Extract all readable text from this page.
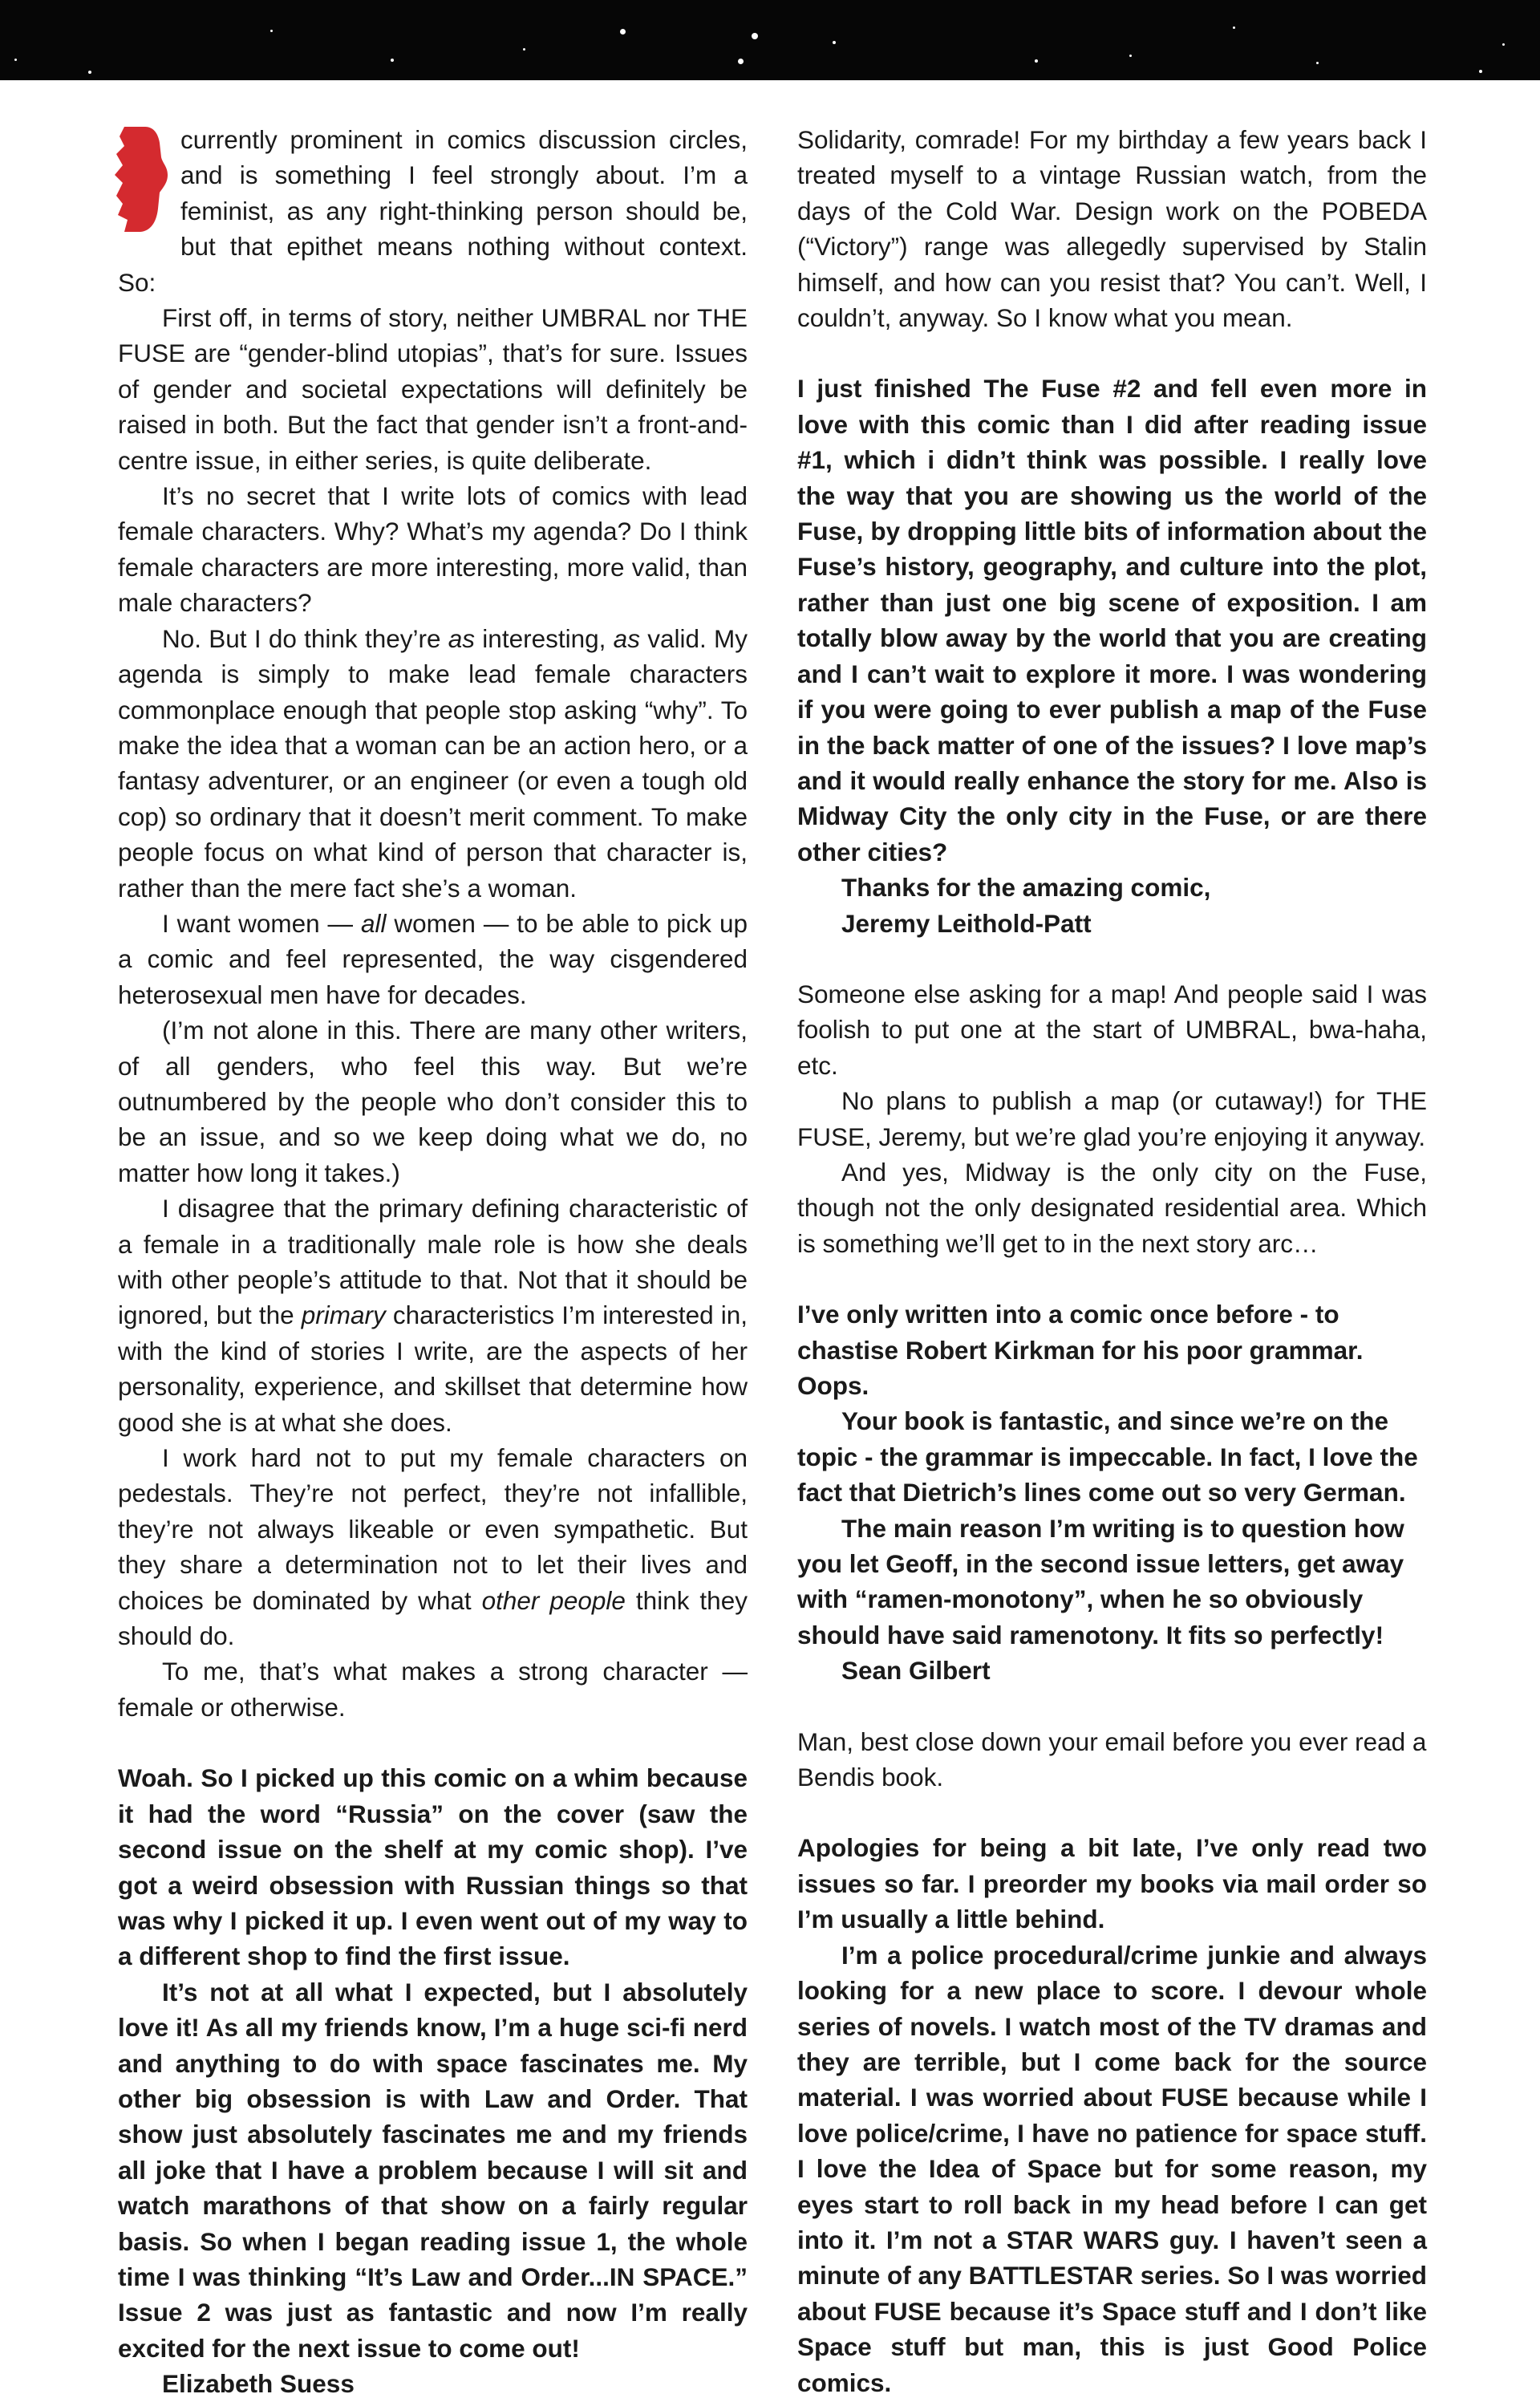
currently prominent in comics discussion circles, and is something I feel strongly about. I’m a feminist, as any right-thinking person should be, but that epithet means nothing without context. So:

First off, in terms of story, neither UMBRAL nor THE FUSE are “gender-blind utopias”, that’s for sure. Issues of gender and societal expectations will definitely be raised in both. But the fact that gender isn’t a front-and-centre issue, in either series, is quite deliberate.

It’s no secret that I write lots of comics with lead female characters. Why? What’s my agenda? Do I think female characters are more interesting, more valid, than male characters?

No. But I do think they’re as interesting, as valid. My agenda is simply to make lead female characters commonplace enough that people stop asking “why”. To make the idea that a woman can be an action hero, or a fantasy adventurer, or an engineer (or even a tough old cop) so ordinary that it doesn’t merit comment. To make people focus on what kind of person that character is, rather than the mere fact she’s a woman.

I want women — all women — to be able to pick up a comic and feel represented, the way cisgendered heterosexual men have for decades.

(I’m not alone in this. There are many other writers, of all genders, who feel this way. But we’re outnumbered by the people who don’t consider this to be an issue, and so we keep doing what we do, no matter how long it takes.)

I disagree that the primary defining characteristic of a female in a traditionally male role is how she deals with other people’s attitude to that. Not that it should be ignored, but the primary characteristics I’m interested in, with the kind of stories I write, are the aspects of her personality, experience, and skillset that determine how good she is at what she does.

I work hard not to put my female characters on pedestals. They’re not perfect, they’re not infallible, they’re not always likeable or even sympathetic. But they share a determination not to let their lives and choices be dominated by what other people think they should do.

To me, that’s what makes a strong character — female or otherwise.

Woah. So I picked up this comic on a whim because it had the word “Russia” on the cover (saw the second issue on the shelf at my comic shop). I’ve got a weird obsession with Russian things so that was why I picked it up. I even went out of my way to a different shop to find the first issue.

It’s not at all what I expected, but I absolutely love it! As all my friends know, I’m a huge sci-fi nerd and anything to do with space fascinates me. My other big obsession is with Law and Order. That show just absolutely fascinates me and my friends all joke that I have a problem because I will sit and watch marathons of that show on a fairly regular basis. So when I began reading issue 1, the whole time I was thinking “It’s Law and Order...IN SPACE.” Issue 2 was just as fantastic and now I’m really excited for the next issue to come out!

Elizabeth Suess

Solidarity, comrade! For my birthday a few years back I treated myself to a vintage Russian watch, from the days of the Cold War. Design work on the POBEDA (“Victory”) range was allegedly supervised by Stalin himself, and how can you resist that? You can’t. Well, I couldn’t, anyway. So I know what you mean.

I just finished The Fuse #2 and fell even more in love with this comic than I did after reading issue #1, which i didn’t think was possible. I really love the way that you are showing us the world of the Fuse, by dropping little bits of information about the Fuse’s history, geography, and culture into the plot, rather than just one big scene of exposition. I am totally blow away by the world that you are creating and I can’t wait to explore it more. I was wondering if you were going to ever publish a map of the Fuse in the back matter of one of the issues? I love map’s and it would really enhance the story for me. Also is Midway City the only city in the Fuse, or are there other cities?

Thanks for the amazing comic,

Jeremy Leithold-Patt

Someone else asking for a map! And people said I was foolish to put one at the start of UMBRAL, bwa-haha, etc.

No plans to publish a map (or cutaway!) for THE FUSE, Jeremy, but we’re glad you’re enjoying it anyway.

And yes, Midway is the only city on the Fuse, though not the only designated residential area. Which is something we’ll get to in the next story arc…

I’ve only written into a comic once before - to chastise Robert Kirkman for his poor grammar. Oops.

Your book is fantastic, and since we’re on the topic - the grammar is impeccable. In fact, I love the fact that Dietrich’s lines come out so very German.

The main reason I’m writing is to question how you let Geoff, in the second issue letters, get away with “ramen-monotony”, when he so obviously should have said ramenotony. It fits so perfectly!

Sean Gilbert

Man, best close down your email before you ever read a Bendis book.

Apologies for being a bit late, I’ve only read two issues so far. I preorder my books via mail order so I’m usually a little behind.

I’m a police procedural/crime junkie and always looking for a new place to score. I devour whole series of novels. I watch most of the TV dramas and they are terrible, but I come back for the source material. I was worried about FUSE because while I love police/crime, I have no patience for space stuff. I love the Idea of Space but for some reason, my eyes start to roll back in my head before I can get into it. I’m not a STAR WARS guy. I haven’t seen a minute of any BATTLESTAR series. So I was worried about FUSE because it’s Space stuff and I don’t like Space stuff but man, this is just Good Police comics.
